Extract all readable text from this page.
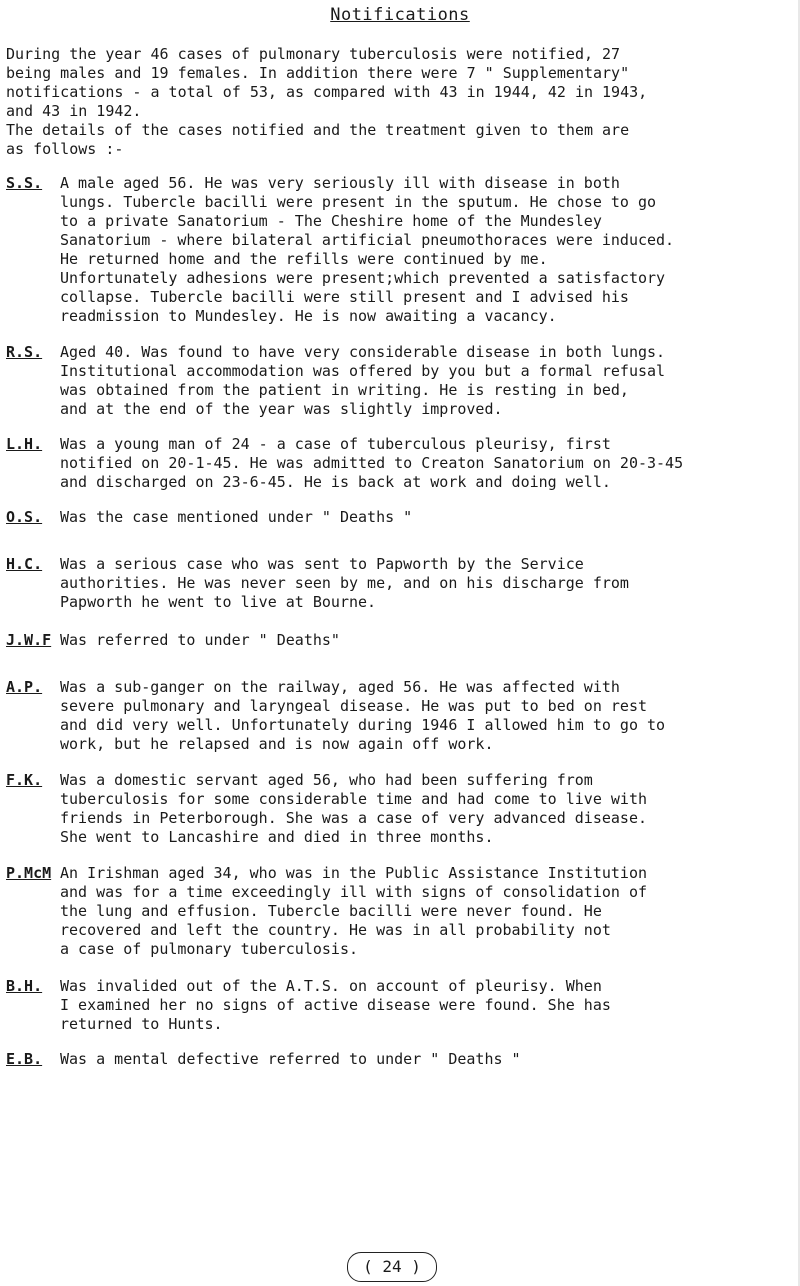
Notifications
During the year 46 cases of pulmonary tuberculosis were notified, 27
being males and 19 females. In addition there were 7 " Supplementary"
notifications - a total of 53, as compared with 43 in 1944, 42 in 1943,
and 43 in 1942.
The details of the cases notified and the treatment given to them are
as follows :-
S.S. A male aged 56. He was very seriously ill with disease in both
lungs. Tubercle bacilli were present in the sputum. He chose to go
to a private Sanatorium - The Cheshire home of the Mundesley
Sanatorium - where bilateral artificial pneumothoraces were induced.
He returned home and the refills were continued by me.
Unfortunately adhesions were present;which prevented a satisfactory
collapse. Tubercle bacilli were still present and I advised his
readmission to Mundesley. He is now awaiting a vacancy.
R.S. Aged 40. Was found to have very considerable disease in both lungs.
Institutional accommodation was offered by you but a formal refusal
was obtained from the patient in writing. He is resting in bed,
and at the end of the year was slightly improved.
L.H. Was a young man of 24 - a case of tuberculous pleurisy, first
notified on 20-1-45. He was admitted to Creaton Sanatorium on 20-3-45
and discharged on 23-6-45. He is back at work and doing well.
O.S. Was the case mentioned under " Deaths "
H.C. Was a serious case who was sent to Papworth by the Service
authorities. He was never seen by me, and on his discharge from
Papworth he went to live at Bourne.
J.W.F Was referred to under " Deaths"
A.P. Was a sub-ganger on the railway, aged 56. He was affected with
severe pulmonary and laryngeal disease. He was put to bed on rest
and did very well. Unfortunately during 1946 I allowed him to go to
work, but he relapsed and is now again off work.
F.K. Was a domestic servant aged 56, who had been suffering from
tuberculosis for some considerable time and had come to live with
friends in Peterborough. She was a case of very advanced disease.
She went to Lancashire and died in three months.
P.McM An Irishman aged 34, who was in the Public Assistance Institution
and was for a time exceedingly ill with signs of consolidation of
the lung and effusion. Tubercle bacilli were never found. He
recovered and left the country. He was in all probability not
a case of pulmonary tuberculosis.
B.H. Was invalided out of the A.T.S. on account of pleurisy. When
I examined her no signs of active disease were found. She has
returned to Hunts.
E.B. Was a mental defective referred to under " Deaths "
( 24 )
